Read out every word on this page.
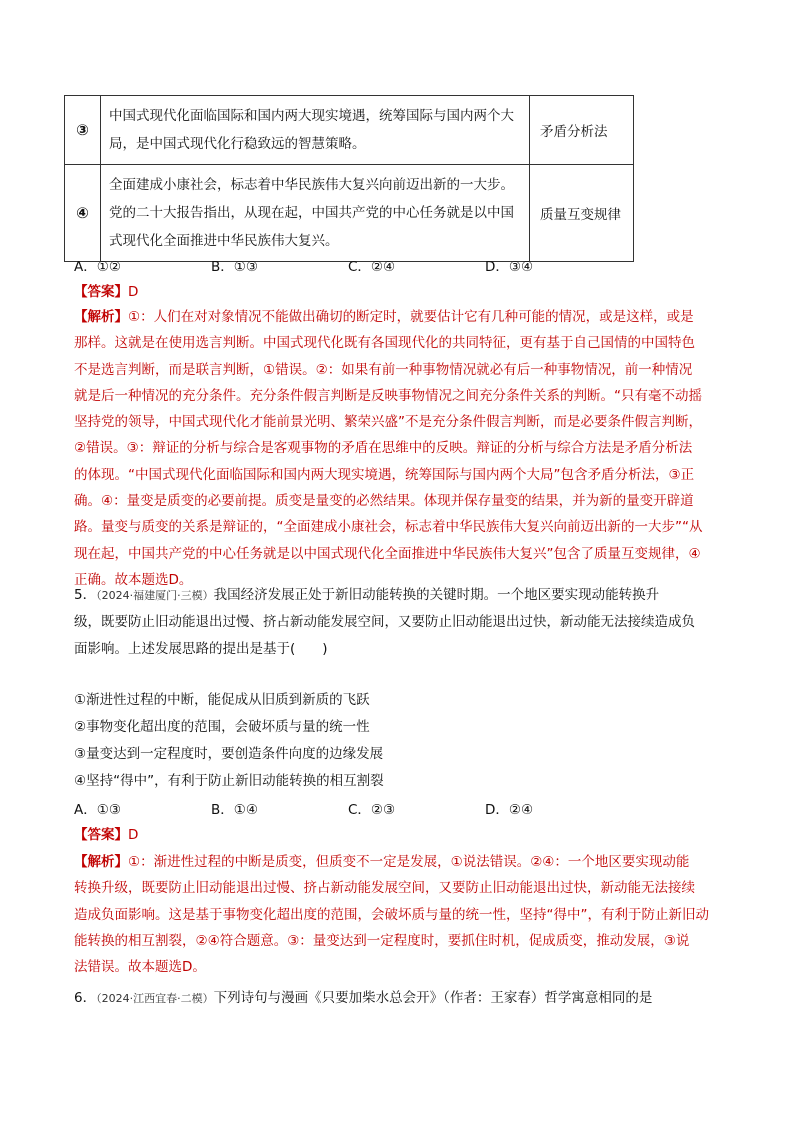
③	中国式现代化面临国际和国内两大现实境遇，统筹国际与国内两个大
局，是中国式现代化行稳致远的智慧策略。	矛盾分析法
④	全面建成小康社会，标志着中华民族伟大复兴向前迈出新的一大步。
党的二十大报告指出，从现在起，中国共产党的中心任务就是以中国
式现代化全面推进中华民族伟大复兴。	质量互变规律
A．①②	B．①③	C．②④	D．③④
【答案】D
【解析】①：人们在对对象情况不能做出确切的断定时，就要估计它有几种可能的情况，或是这样，或是
那样。这就是在使用选言判断。中国式现代化既有各国现代化的共同特征，更有基于自己国情的中国特色
不是选言判断，而是联言判断，①错误。②：如果有前一种事物情况就必有后一种事物情况，前一种情况
就是后一种情况的充分条件。充分条件假言判断是反映事物情况之间充分条件关系的判断。“只有毫不动摇
坚持党的领导，中国式现代化才能前景光明、繁荣兴盛”不是充分条件假言判断，而是必要条件假言判断，
②错误。③：辩证的分析与综合是客观事物的矛盾在思维中的反映。辩证的分析与综合方法是矛盾分析法
的体现。“中国式现代化面临国际和国内两大现实境遇，统筹国际与国内两个大局”包含矛盾分析法，③正
确。④：量变是质变的必要前提。质变是量变的必然结果。体现并保存量变的结果，并为新的量变开辟道
路。量变与质变的关系是辩证的，“全面建成小康社会，标志着中华民族伟大复兴向前迈出新的一大步”“从
现在起，中国共产党的中心任务就是以中国式现代化全面推进中华民族伟大复兴”包含了质量互变规律，④
正确。故本题选D。
5．（2024·福建厦门·三模）我国经济发展正处于新旧动能转换的关键时期。一个地区要实现动能转换升
级，既要防止旧动能退出过慢、挤占新动能发展空间，又要防止旧动能退出过快，新动能无法接续造成负
面影响。上述发展思路的提出是基于(　　)
①渐进性过程的中断，能促成从旧质到新质的飞跃
②事物变化超出度的范围，会破坏质与量的统一性
③量变达到一定程度时，要创造条件向度的边缘发展
④坚持“得中”，有利于防止新旧动能转换的相互割裂
A．①③	B．①④	C．②③	D．②④
【答案】D
【解析】①：渐进性过程的中断是质变，但质变不一定是发展，①说法错误。②④：一个地区要实现动能
转换升级，既要防止旧动能退出过慢、挤占新动能发展空间，又要防止旧动能退出过快，新动能无法接续
造成负面影响。这是基于事物变化超出度的范围，会破坏质与量的统一性，坚持“得中”，有利于防止新旧动
能转换的相互割裂，②④符合题意。③：量变达到一定程度时，要抓住时机，促成质变，推动发展，③说
法错误。故本题选D。
6．（2024·江西宜春·二模）下列诗句与漫画《只要加柴水总会开》（作者：王家春）哲学寓意相同的是
